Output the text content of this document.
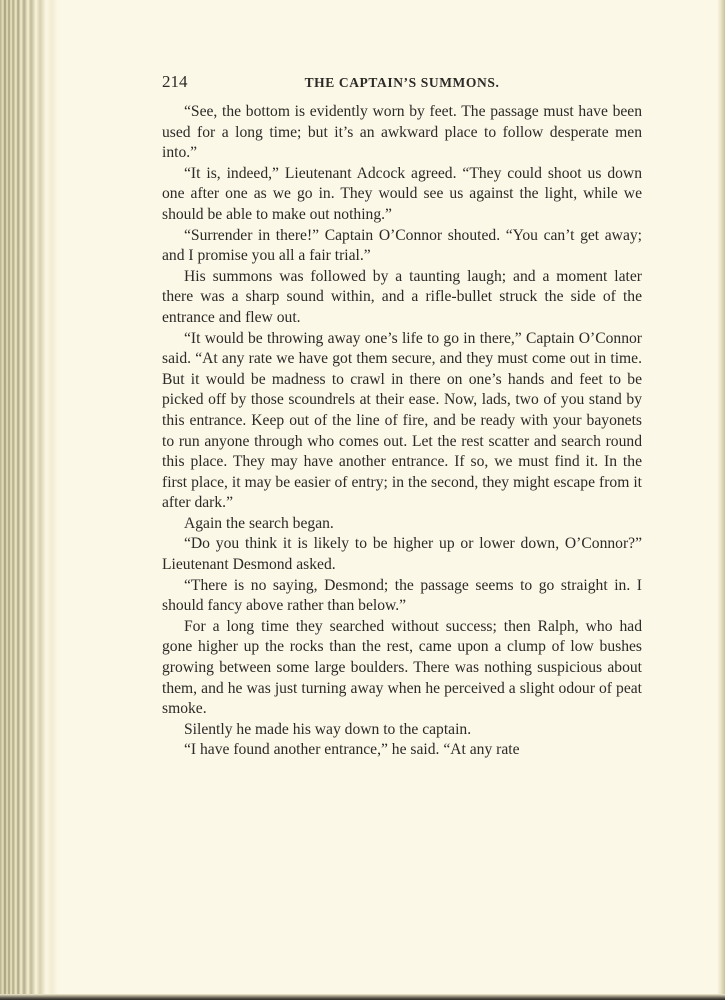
214	THE CAPTAIN’S SUMMONS.

“See, the bottom is evidently worn by feet. The passage must have been used for a long time; but it’s an awkward place to follow desperate men into.”

“It is, indeed,” Lieutenant Adcock agreed. “They could shoot us down one after one as we go in. They would see us against the light, while we should be able to make out nothing.”

“Surrender in there!” Captain O’Connor shouted. “You can’t get away; and I promise you all a fair trial.”

His summons was followed by a taunting laugh; and a moment later there was a sharp sound within, and a rifle-bullet struck the side of the entrance and flew out.

“It would be throwing away one’s life to go in there,” Captain O’Connor said. “At any rate we have got them secure, and they must come out in time. But it would be madness to crawl in there on one’s hands and feet to be picked off by those scoundrels at their ease. Now, lads, two of you stand by this entrance. Keep out of the line of fire, and be ready with your bayonets to run anyone through who comes out. Let the rest scatter and search round this place. They may have another entrance. If so, we must find it. In the first place, it may be easier of entry; in the second, they might escape from it after dark.”

Again the search began.

“Do you think it is likely to be higher up or lower down, O’Connor?” Lieutenant Desmond asked.

“There is no saying, Desmond; the passage seems to go straight in. I should fancy above rather than below.”

For a long time they searched without success; then Ralph, who had gone higher up the rocks than the rest, came upon a clump of low bushes growing between some large boulders. There was nothing suspicious about them, and he was just turning away when he perceived a slight odour of peat smoke.

Silently he made his way down to the captain.

“I have found another entrance,” he said. “At any rate
